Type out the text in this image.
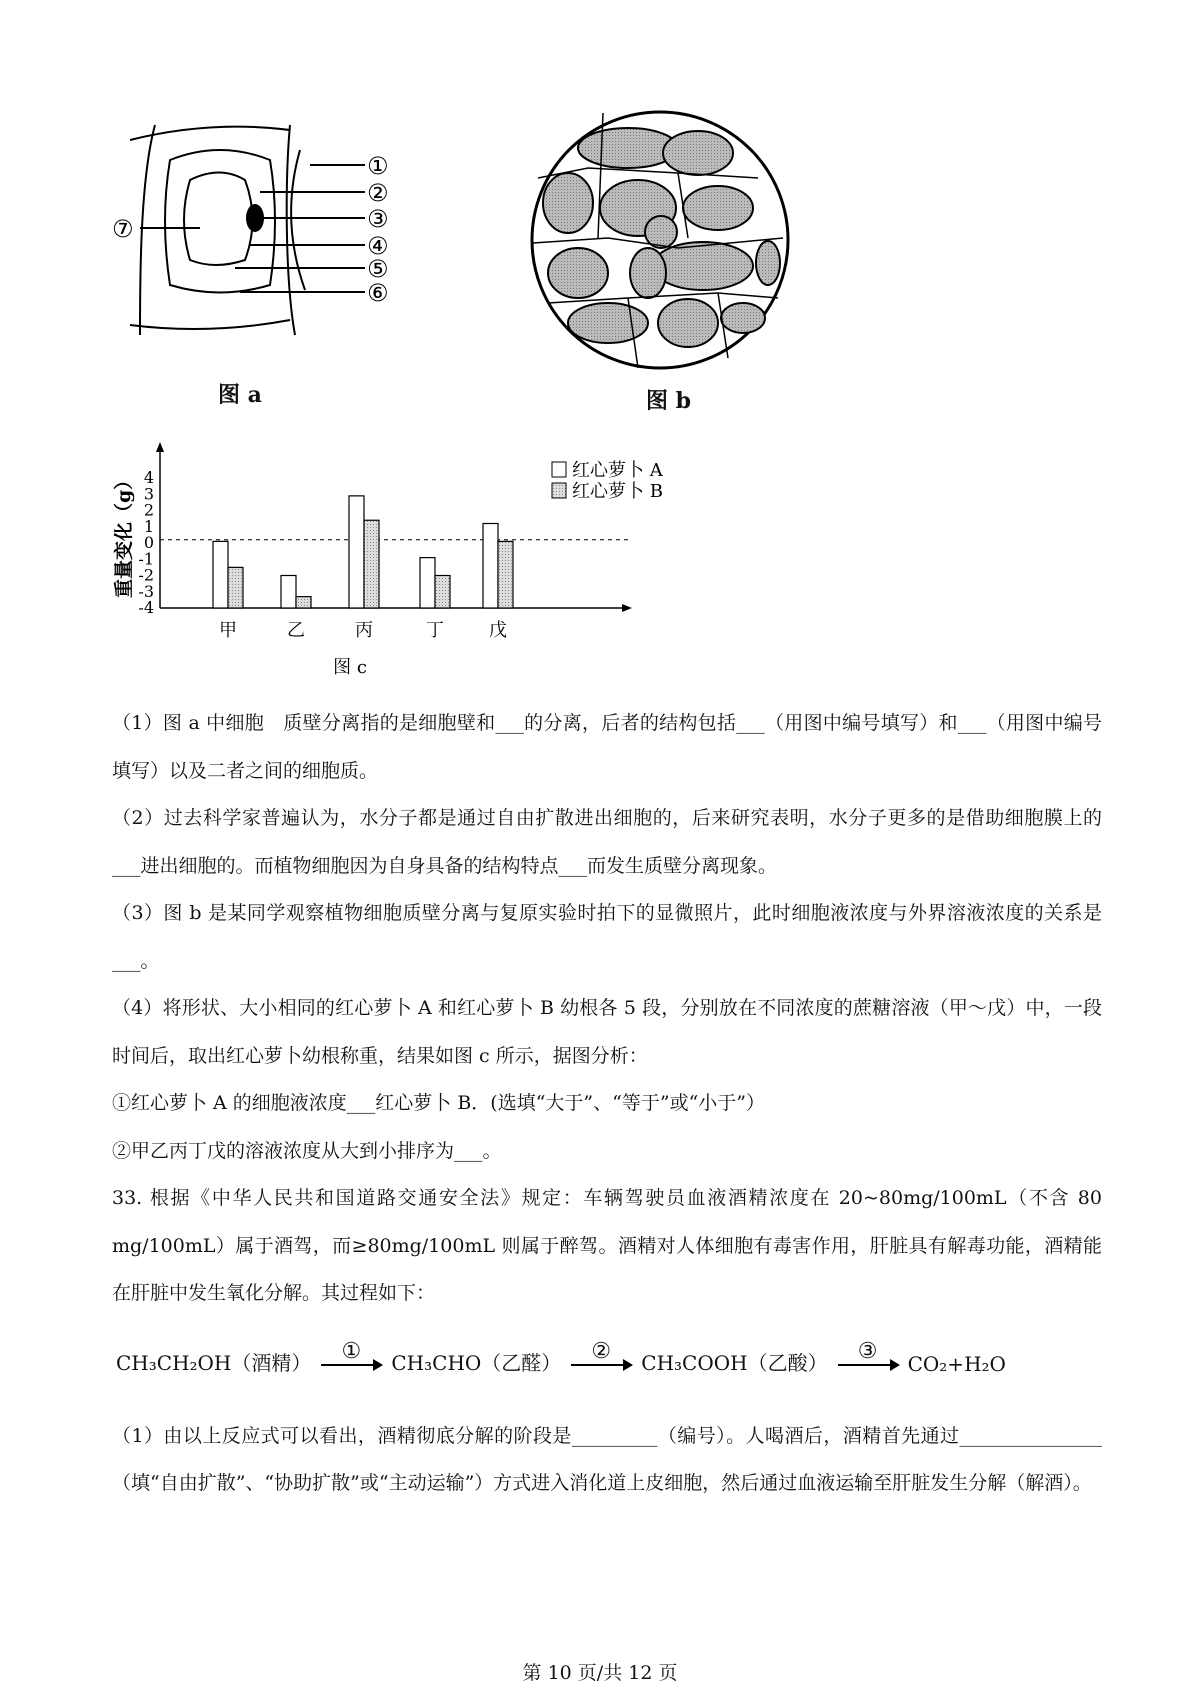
①
②
③
④
⑤
⑥
⑦
图 a	图 b
4
3
2
1
0
-1
-2
-3
-4
重量变化（g）
甲	乙	丙	丁	戊
图 c
红心萝卜 A
红心萝卜 B

（1）图 a 中细胞　质壁分离指的是细胞壁和___的分离，后者的结构包括___（用图中编号填写）和___（用图中编号填写）以及二者之间的细胞质。

（2）过去科学家普遍认为，水分子都是通过自由扩散进出细胞的，后来研究表明，水分子更多的是借助细胞膜上的___进出细胞的。而植物细胞因为自身具备的结构特点___而发生质壁分离现象。

（3）图 b 是某同学观察植物细胞质壁分离与复原实验时拍下的显微照片，此时细胞液浓度与外界溶液浓度的关系是___。

（4）将形状、大小相同的红心萝卜 A 和红心萝卜 B 幼根各 5 段，分别放在不同浓度的蔗糖溶液（甲～戊）中，一段时间后，取出红心萝卜幼根称重，结果如图 c 所示，据图分析：

①红心萝卜 A 的细胞液浓度___红心萝卜 B．(选填“大于”、“等于”或“小于”）

②甲乙丙丁戊的溶液浓度从大到小排序为___。

33. 根据《中华人民共和国道路交通安全法》规定：车辆驾驶员血液酒精浓度在 20~80mg/100mL（不含 80 mg/100mL）属于酒驾，而≥80mg/100mL 则属于醉驾。酒精对人体细胞有毒害作用，肝脏具有解毒功能，酒精能在肝脏中发生氧化分解。其过程如下：

（1）由以上反应式可以看出，酒精彻底分解的阶段是_________（编号）。人喝酒后，酒精首先通过_______________（填“自由扩散”、“协助扩散”或“主动运输”）方式进入消化道上皮细胞，然后通过血液运输至肝脏发生分解（解酒）。

CH₃CH₂OH（酒精） ① CH₃CHO（乙醛） ② CH₃COOH（乙酸） ③ CO₂+H₂O
第 10 页/共 12 页
